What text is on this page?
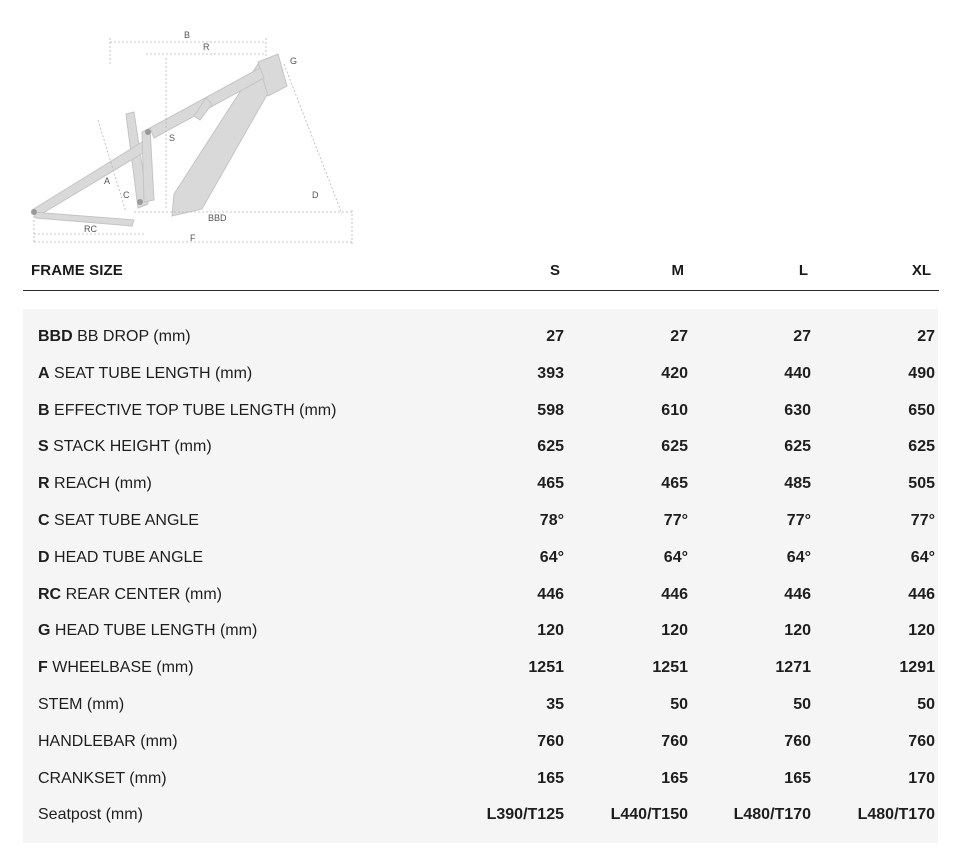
B
R
G
S
A
C
BBD
D
RC
F
FRAME SIZE	S	M	L	XL
BBD BB DROP (mm)	27	27	27	27
A SEAT TUBE LENGTH (mm)	393	420	440	490
B EFFECTIVE TOP TUBE LENGTH (mm)	598	610	630	650
S STACK HEIGHT (mm)	625	625	625	625
R REACH (mm)	465	465	485	505
C SEAT TUBE ANGLE	78°	77°	77°	77°
D HEAD TUBE ANGLE	64°	64°	64°	64°
RC REAR CENTER (mm)	446	446	446	446
G HEAD TUBE LENGTH (mm)	120	120	120	120
F WHEELBASE (mm)	1251	1251	1271	1291
STEM (mm)	35	50	50	50
HANDLEBAR (mm)	760	760	760	760
CRANKSET (mm)	165	165	165	170
Seatpost (mm)	L390/T125	L440/T150	L480/T170	L480/T170
